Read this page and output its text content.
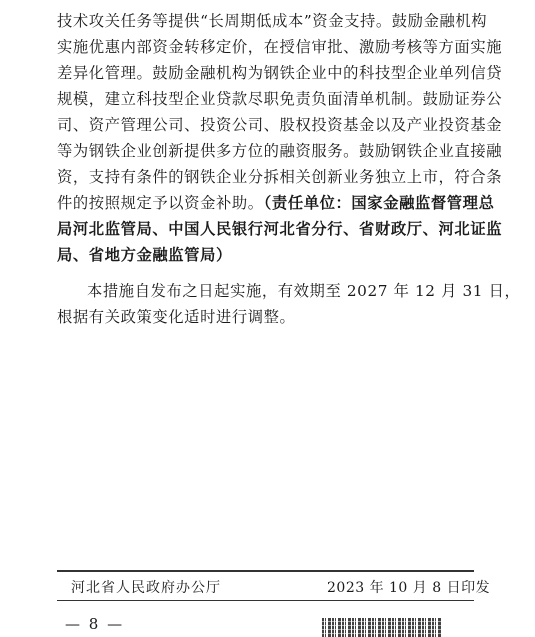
技术攻关任务等提供“长周期低成本”资金支持。鼓励金融机构
实施优惠内部资金转移定价，在授信审批、激励考核等方面实施
差异化管理。鼓励金融机构为钢铁企业中的科技型企业单列信贷
规模，建立科技型企业贷款尽职免责负面清单机制。鼓励证券公
司、资产管理公司、投资公司、股权投资基金以及产业投资基金
等为钢铁企业创新提供多方位的融资服务。鼓励钢铁企业直接融
资，支持有条件的钢铁企业分拆相关创新业务独立上市，符合条
件的按照规定予以资金补助。（责任单位：国家金融监督管理总
局河北监管局、中国人民银行河北省分行、省财政厅、河北证监
局、省地方金融监管局）
本措施自发布之日起实施，有效期至 2027 年 12 月 31 日，
根据有关政策变化适时进行调整。
河北省人民政府办公厅	2023 年 10 月 8 日印发
— 8 —
